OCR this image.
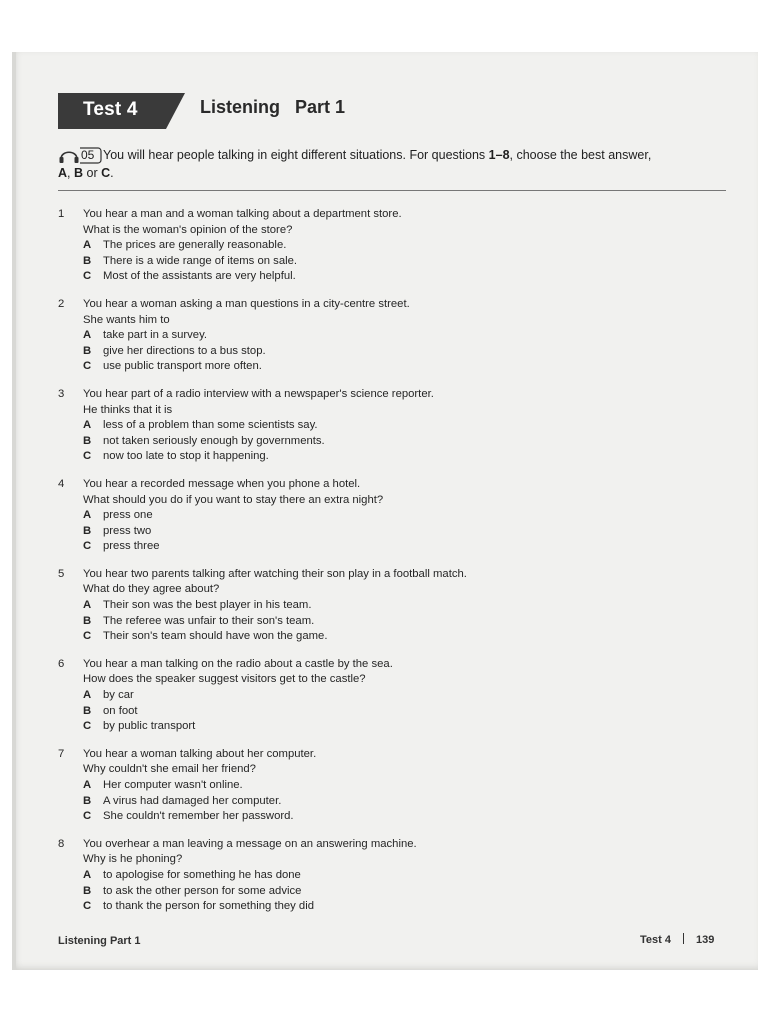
Test 4	Listening Part 1
05 You will hear people talking in eight different situations. For questions 1–8, choose the best answer,
A, B or C.
1 You hear a man and a woman talking about a department store.
What is the woman's opinion of the store?
A The prices are generally reasonable.
B There is a wide range of items on sale.
C Most of the assistants are very helpful.
2 You hear a woman asking a man questions in a city-centre street.
She wants him to
A take part in a survey.
B give her directions to a bus stop.
C use public transport more often.
3 You hear part of a radio interview with a newspaper's science reporter.
He thinks that it is
A less of a problem than some scientists say.
B not taken seriously enough by governments.
C now too late to stop it happening.
4 You hear a recorded message when you phone a hotel.
What should you do if you want to stay there an extra night?
A press one
B press two
C press three
5 You hear two parents talking after watching their son play in a football match.
What do they agree about?
A Their son was the best player in his team.
B The referee was unfair to their son's team.
C Their son's team should have won the game.
6 You hear a man talking on the radio about a castle by the sea.
How does the speaker suggest visitors get to the castle?
A by car
B on foot
C by public transport
7 You hear a woman talking about her computer.
Why couldn't she email her friend?
A Her computer wasn't online.
B A virus had damaged her computer.
C She couldn't remember her password.
8 You overhear a man leaving a message on an answering machine.
Why is he phoning?
A to apologise for something he has done
B to ask the other person for some advice
C to thank the person for something they did
Listening Part 1	Test 4 139
